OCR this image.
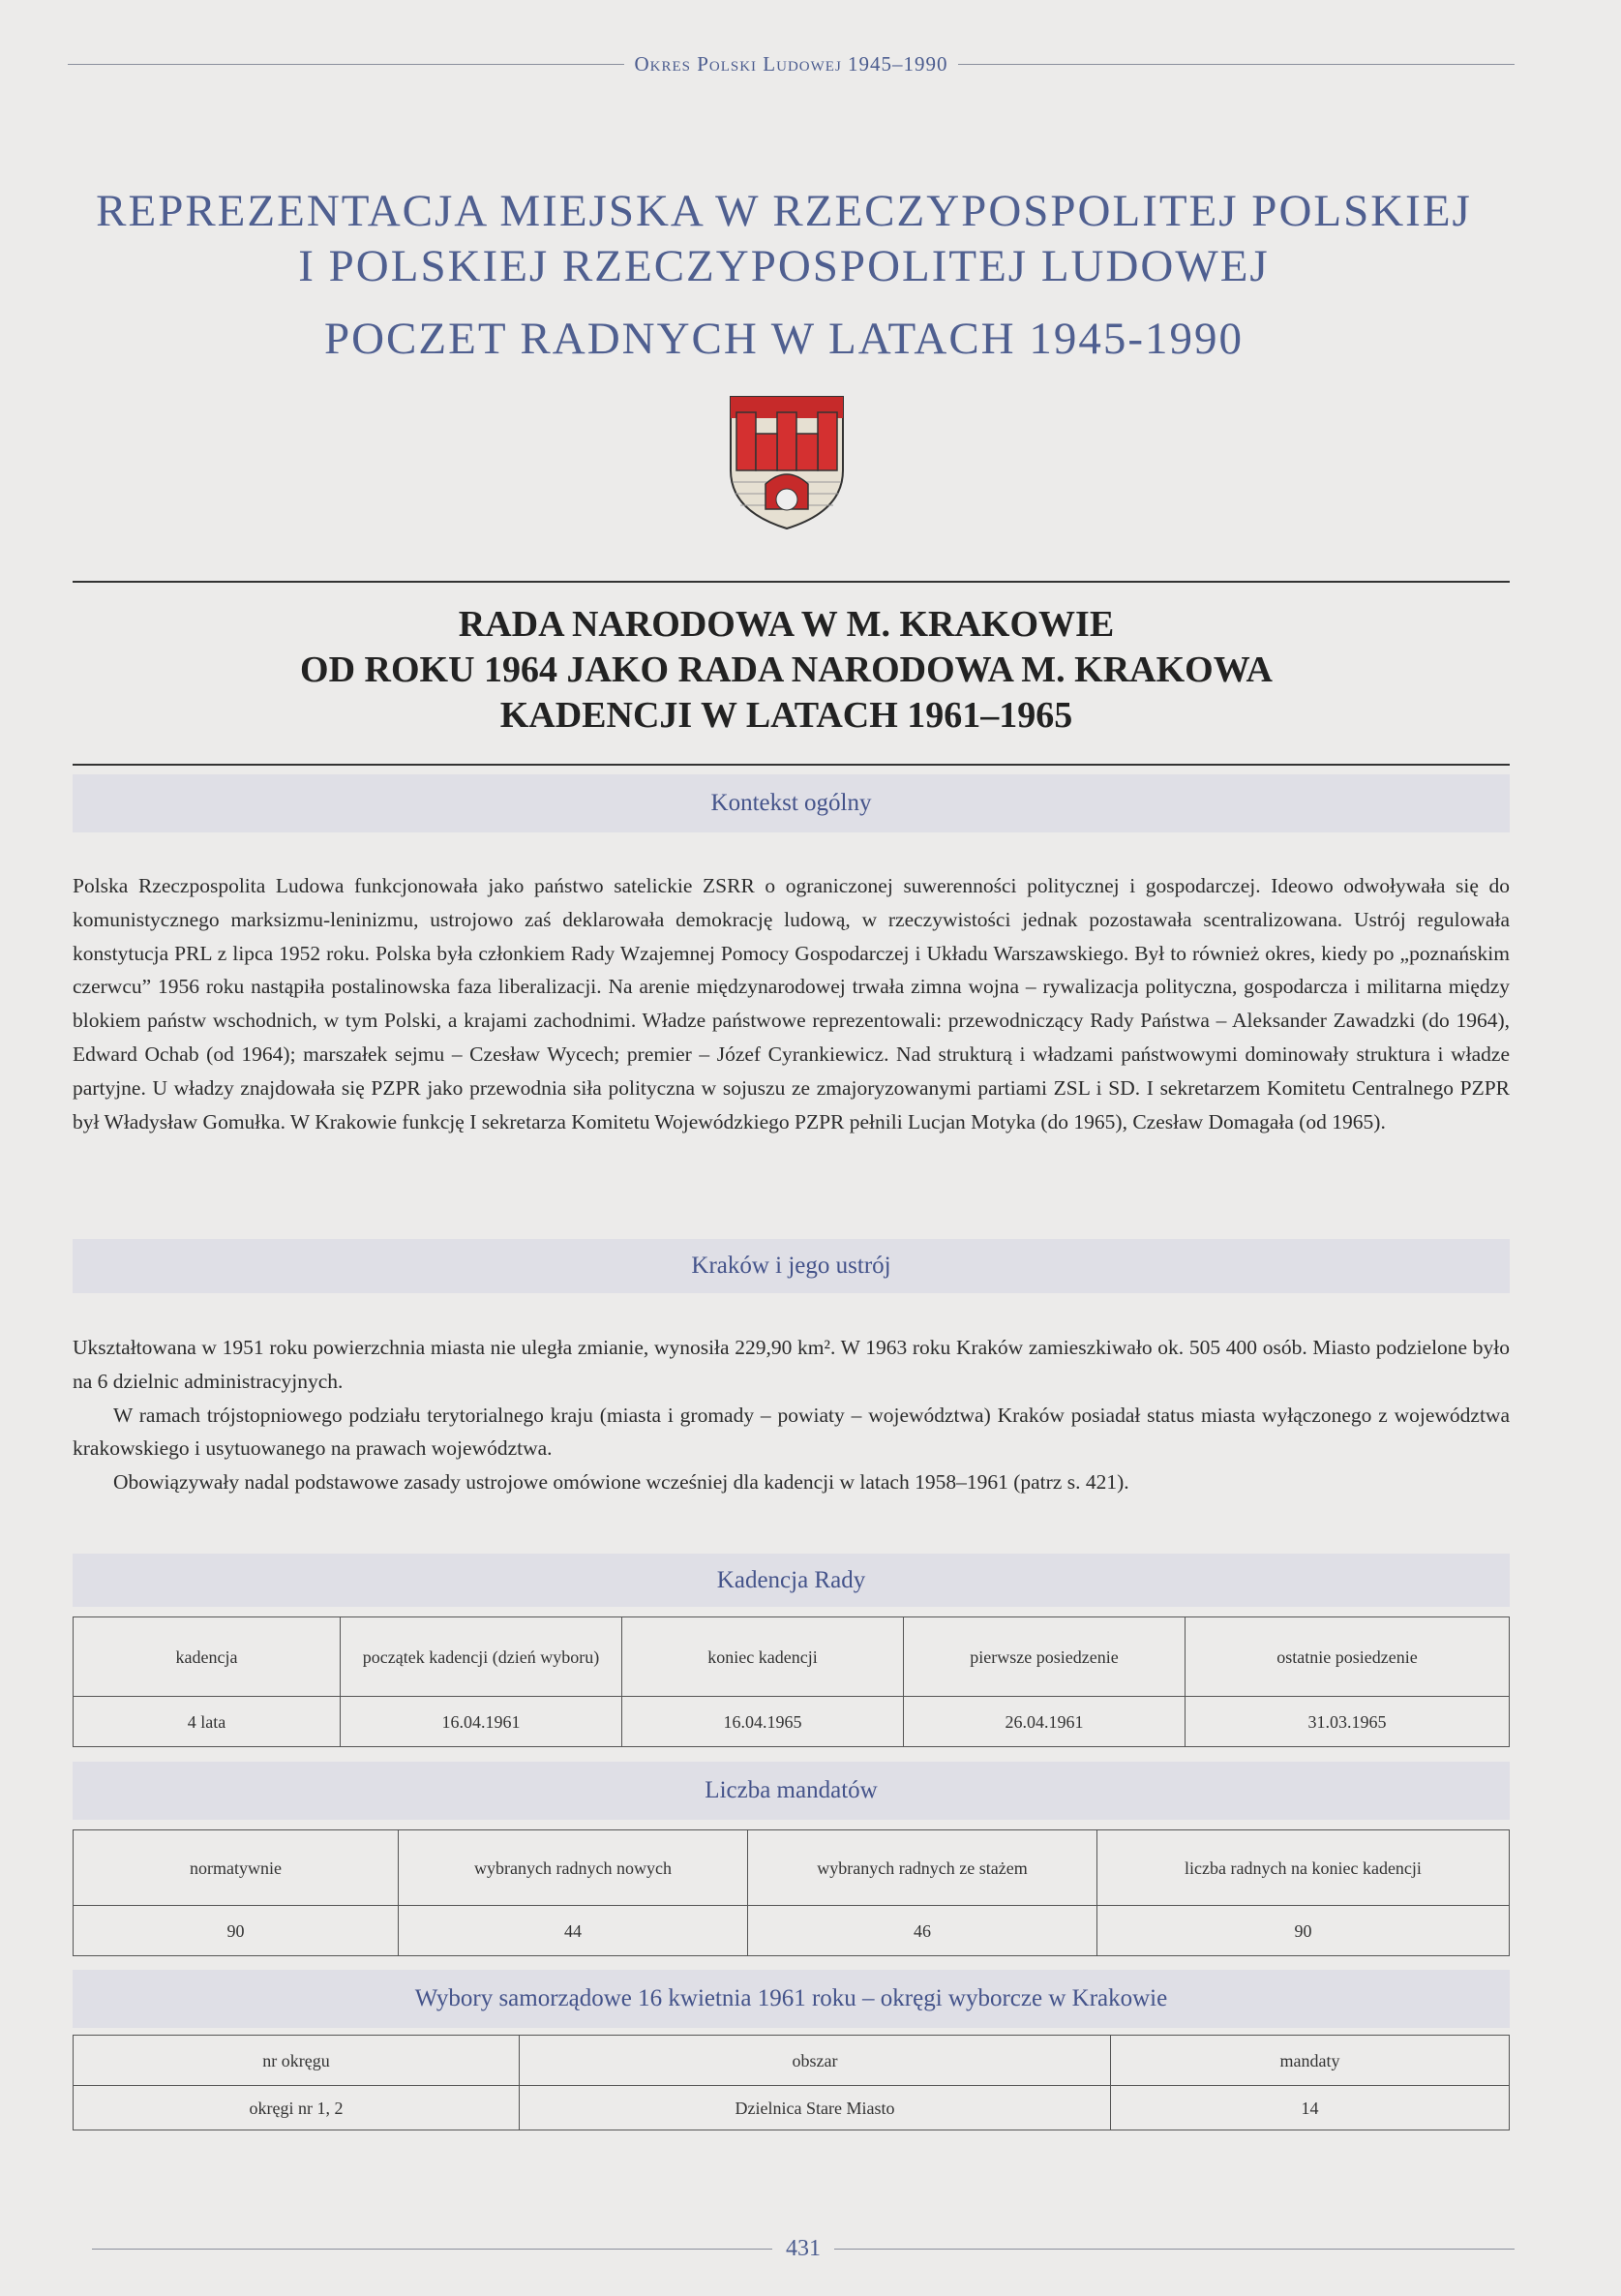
Okres Polski Ludowej 1945–1990
REPREZENTACJA MIEJSKA W RZECZYPOSPOLITEJ POLSKIEJ
I POLSKIEJ RZECZYPOSPOLITEJ LUDOWEJ
POCZET RADNYCH W LATACH 1945-1990
RADA NARODOWA W M. KRAKOWIE
OD ROKU 1964 JAKO RADA NARODOWA M. KRAKOWA
KADENCJI W LATACH 1961–1965
Kontekst ogólny

Polska Rzeczpospolita Ludowa funkcjonowała jako państwo satelickie ZSRR o ograniczonej suwerenności politycznej i gospodarczej. Ideowo odwoływała się do komunistycznego marksizmu-leninizmu, ustrojowo zaś deklarowała demokrację ludową, w rzeczywistości jednak pozostawała scentralizowana. Ustrój regulowała konstytucja PRL z lipca 1952 roku. Polska była członkiem Rady Wzajemnej Pomocy Gospodarczej i Układu Warszawskiego. Był to również okres, kiedy po „poznańskim czerwcu” 1956 roku nastąpiła postalinowska faza liberalizacji. Na arenie międzynarodowej trwała zimna wojna – rywalizacja polityczna, gospodarcza i militarna między blokiem państw wschodnich, w tym Polski, a krajami zachodnimi. Władze państwowe reprezentowali: przewodniczący Rady Państwa – Aleksander Zawadzki (do 1964), Edward Ochab (od 1964); marszałek sejmu – Czesław Wycech; premier – Józef Cyrankiewicz. Nad strukturą i władzami państwowymi dominowały struktura i władze partyjne. U władzy znajdowała się PZPR jako przewodnia siła polityczna w sojuszu ze zmajoryzowanymi partiami ZSL i SD. I sekretarzem Komitetu Centralnego PZPR był Władysław Gomułka. W Krakowie funkcję I sekretarza Komitetu Wojewódzkiego PZPR pełnili Lucjan Motyka (do 1965), Czesław Domagała (od 1965).

Kraków i jego ustrój

Ukształtowana w 1951 roku powierzchnia miasta nie uległa zmianie, wynosiła 229,90 km². W 1963 roku Kraków zamieszkiwało ok. 505 400 osób. Miasto podzielone było na 6 dzielnic administracyjnych.

W ramach trójstopniowego podziału terytorialnego kraju (miasta i gromady – powiaty – województwa) Kraków posiadał status miasta wyłączonego z województwa krakowskiego i usytuowanego na prawach województwa.

Obowiązywały nadal podstawowe zasady ustrojowe omówione wcześniej dla kadencji w latach 1958–1961 (patrz s. 421).

Kadencja Rady
kadencja	początek kadencji (dzień wyboru)	koniec kadencji	pierwsze posiedzenie	ostatnie posiedzenie
4 lata	16.04.1961	16.04.1965	26.04.1961	31.03.1965
Liczba mandatów
normatywnie	wybranych radnych nowych	wybranych radnych ze stażem	liczba radnych na koniec kadencji
90	44	46	90
Wybory samorządowe 16 kwietnia 1961 roku – okręgi wyborcze w Krakowie
nr okręgu	obszar	mandaty
okręgi nr 1, 2	Dzielnica Stare Miasto	14
431
